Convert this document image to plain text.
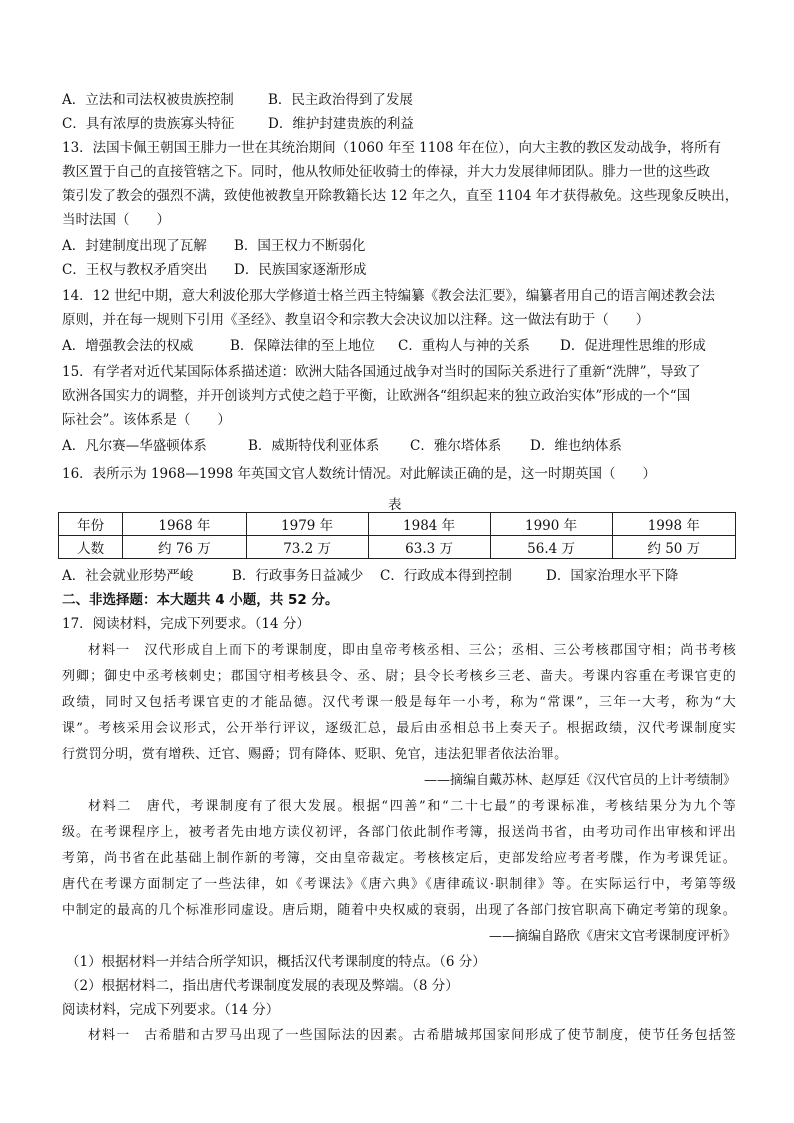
A．立法和司法权被贵族控制	B．民主政治得到了发展
C．具有浓厚的贵族寡头特征 D．维护封建贵族的利益
13．法国卡佩王朝国王腓力一世在其统治期间（1060 年至 1108 年在位），向大主教的教区发动战争，将所有
教区置于自己的直接管辖之下。同时，他从牧师处征收骑士的俸禄，并大力发展律师团队。腓力一世的这些政
策引发了教会的强烈不满，致使他被教皇开除教籍长达 12 年之久，直至 1104 年才获得赦免。这些现象反映出，
当时法国（　　）
A．封建制度出现了瓦解 B．国王权力不断弱化
C．王权与教权矛盾突出 D．民族国家逐渐形成
14．12 世纪中期，意大利波伦那大学修道士格兰西主特编纂《教会法汇要》，编纂者用自己的语言阐述教会法
原则，并在每一规则下引用《圣经》、教皇诏令和宗教大会决议加以注释。这一做法有助于（　　）
A．增强教会法的权威	B．保障法律的至上地位 C．重构人与神的关系 D．促进理性思维的形成
15．有学者对近代某国际体系描述道：欧洲大陆各国通过战争对当时的国际关系进行了重新“洗牌”，导致了
欧洲各国实力的调整，并开创谈判方式使之趋于平衡，让欧洲各“组织起来的独立政治实体”形成的一个“国
际社会”。该体系是（　　）
A．凡尔赛—华盛顿体系	B．威斯特伐利亚体系 C．雅尔塔体系 D．维也纳体系
16．表所示为 1968—1998 年英国文官人数统计情况。对此解读正确的是，这一时期英国（　　）
表
年份	1968 年	1979 年	1984 年	1990 年	1998 年
人数	约 76 万	73.2 万	63.3 万	56.4 万	约 50 万
A．社会就业形势严峻	B．行政事务日益减少 C．行政成本得到控制	D．国家治理水平下降
二、非选择题：本大题共 4 小题，共 52 分。
17．阅读材料，完成下列要求。（14 分）
材料一　汉代形成自上而下的考课制度，即由皇帝考核丞相、三公；丞相、三公考核郡国守相；尚书考核
列卿；御史中丞考核刺史；郡国守相考核县令、丞、尉；县令长考核乡三老、啬夫。考课内容重在考课官吏的
政绩，同时又包括考课官吏的才能品德。汉代考课一般是每年一小考，称为“常课”，三年一大考，称为“大
课”。考核采用会议形式，公开举行评议，逐级汇总，最后由丞相总书上奏天子。根据政绩，汉代考课制度实
行赏罚分明，赏有增秩、迁官、赐爵；罚有降体、贬职、免官，违法犯罪者依法治罪。
——摘编自戴苏林、赵厚廷《汉代官员的上计考绩制》
材料二　唐代，考课制度有了很大发展。根据“四善”和“二十七最”的考课标准，考核结果分为九个等
级。在考课程序上，被考者先由地方读仪初评，各部门依此制作考簿，报送尚书省，由考功司作出审核和评出
考第，尚书省在此基础上制作新的考簿，交由皇帝裁定。考核核定后，吏部发给应考者考牒，作为考课凭证。
唐代在考课方面制定了一些法律，如《考课法》《唐六典》《唐律疏议·职制律》等。在实际运行中，考第等级
中制定的最高的几个标准形同虚设。唐后期，随着中央权威的衰弱，出现了各部门按官职高下确定考第的现象。
——摘编自路欣《唐宋文官考课制度评析》
（1）根据材料一并结合所学知识，概括汉代考课制度的特点。（6 分）
（2）根据材料二，指出唐代考课制度发展的表现及弊端。（8 分）
阅读材料，完成下列要求。（14 分）
材料一　古希腊和古罗马出现了一些国际法的因素。古希腊城邦国家间形成了使节制度，使节任务包括签
